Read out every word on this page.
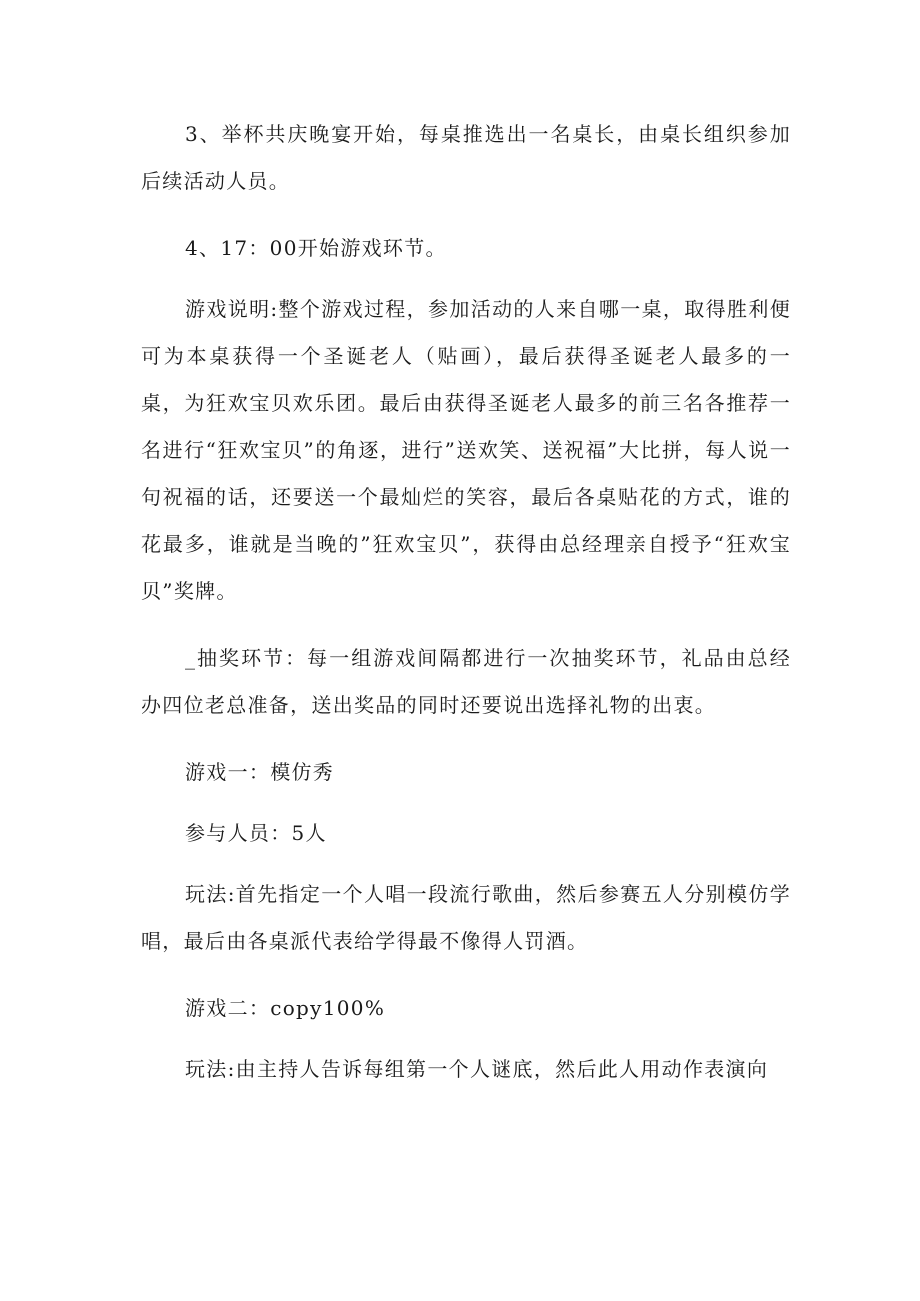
3、举杯共庆晚宴开始，每桌推选出一名桌长，由桌长组织参加后续活动人员。

4、17：00开始游戏环节。

游戏说明:整个游戏过程，参加活动的人来自哪一桌，取得胜利便可为本桌获得一个圣诞老人（贴画），最后获得圣诞老人最多的一桌，为狂欢宝贝欢乐团。最后由获得圣诞老人最多的前三名各推荐一名进行“狂欢宝贝”的角逐，进行”送欢笑、送祝福”大比拼，每人说一句祝福的话，还要送一个最灿烂的笑容，最后各桌贴花的方式，谁的花最多，谁就是当晚的”狂欢宝贝”，获得由总经理亲自授予“狂欢宝贝”奖牌。

_抽奖环节：每一组游戏间隔都进行一次抽奖环节，礼品由总经办四位老总准备，送出奖品的同时还要说出选择礼物的出衷。

游戏一：模仿秀

参与人员：5人

玩法:首先指定一个人唱一段流行歌曲，然后参赛五人分别模仿学唱，最后由各桌派代表给学得最不像得人罚酒。

游戏二：copy100%

玩法:由主持人告诉每组第一个人谜底，然后此人用动作表演向
